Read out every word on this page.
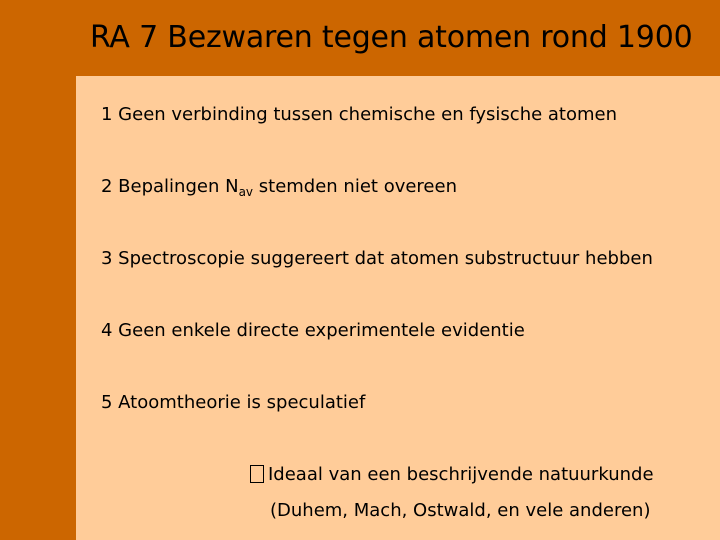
RA 7 Bezwaren tegen atomen rond 1900
1 Geen verbinding tussen chemische en fysische atomen
2 Bepalingen $N_{av}$ stemden niet overeen
3 Spectroscopie suggereert dat atomen substructuur hebben
4 Geen enkele directe experimentele evidentie
5 Atoomtheorie is speculatief
Ideaal van een beschrijvende natuurkunde
(Duhem, Mach, Ostwald, en vele anderen)
